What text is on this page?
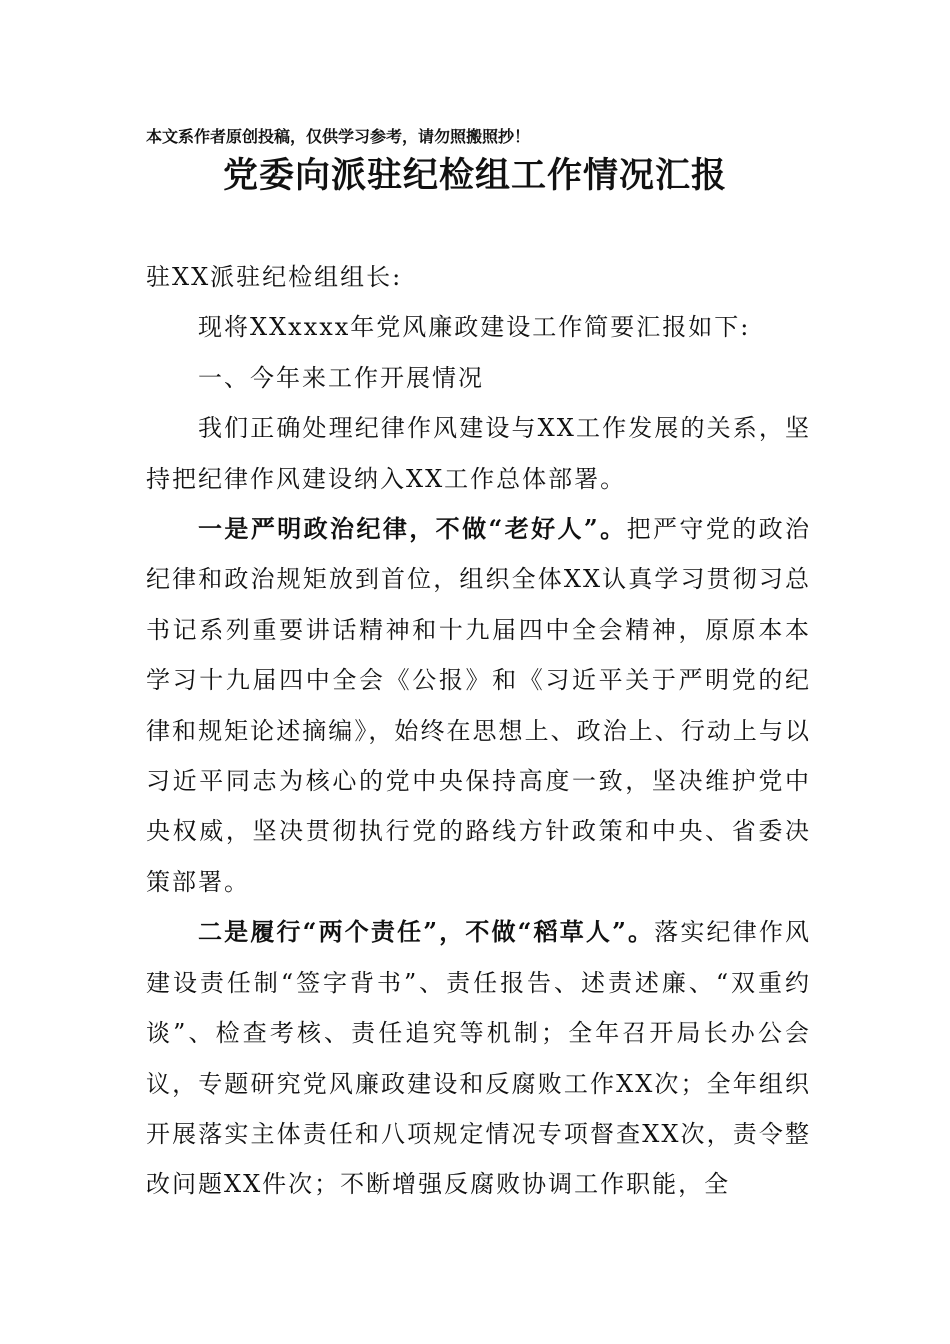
本文系作者原创投稿，仅供学习参考，请勿照搬照抄！
党委向派驻纪检组工作情况汇报

驻XX派驻纪检组组长:

现将XXxxxx年党风廉政建设工作简要汇报如下:

一、今年来工作开展情况

我们正确处理纪律作风建设与XX工作发展的关系，坚持把纪律作风建设纳入XX工作总体部署。

一是严明政治纪律，不做“老好人”。把严守党的政治纪律和政治规矩放到首位，组织全体XX认真学习贯彻习总书记系列重要讲话精神和十九届四中全会精神，原原本本学习十九届四中全会《公报》和《习近平关于严明党的纪律和规矩论述摘编》，始终在思想上、政治上、行动上与以习近平同志为核心的党中央保持高度一致，坚决维护党中央权威，坚决贯彻执行党的路线方针政策和中央、省委决策部署。

二是履行“两个责任”，不做“稻草人”。落实纪律作风建设责任制“签字背书”、责任报告、述责述廉、“双重约谈”、检查考核、责任追究等机制；全年召开局长办公会议，专题研究党风廉政建设和反腐败工作XX次；全年组织开展落实主体责任和八项规定情况专项督查XX次，责令整改问题XX件次；不断增强反腐败协调工作职能，全
